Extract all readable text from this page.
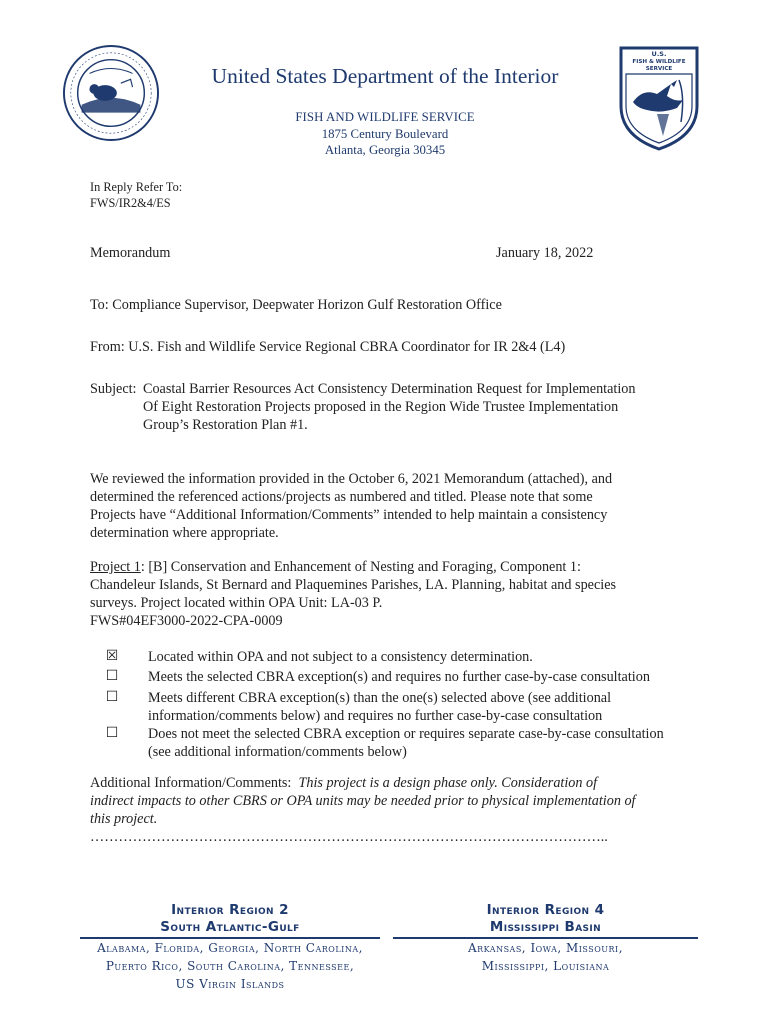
U.S.
FISH & WILDLIFE
SERVICE
United States Department of the Interior
FISH AND WILDLIFE SERVICE
1875 Century Boulevard
Atlanta, Georgia 30345
In Reply Refer To:
FWS/IR2&4/ES
Memorandum	January 18, 2022
To: Compliance Supervisor, Deepwater Horizon Gulf Restoration Office
From: U.S. Fish and Wildlife Service Regional CBRA Coordinator for IR 2&4 (L4)
Subject: Coastal Barrier Resources Act Consistency Determination Request for Implementation
Of Eight Restoration Projects proposed in the Region Wide Trustee Implementation
Group’s Restoration Plan #1.
We reviewed the information provided in the October 6, 2021 Memorandum (attached), and
determined the referenced actions/projects as numbered and titled. Please note that some
Projects have “Additional Information/Comments” intended to help maintain a consistency
determination where appropriate.
Project 1: [B] Conservation and Enhancement of Nesting and Foraging, Component 1:
Chandeleur Islands, St Bernard and Plaquemines Parishes, LA. Planning, habitat and species
surveys. Project located within OPA Unit: LA-03 P.
FWS#04EF3000-2022-CPA-0009
☒ Located within OPA and not subject to a consistency determination.
☐ Meets the selected CBRA exception(s) and requires no further case-by-case consultation
☐ Meets different CBRA exception(s) than the one(s) selected above (see additional
information/comments below) and requires no further case-by-case consultation
☐ Does not meet the selected CBRA exception or requires separate case-by-case consultation
(see additional information/comments below)
Additional Information/Comments: This project is a design phase only. Consideration of
indirect impacts to other CBRS or OPA units may be needed prior to physical implementation of
this project.
………………………………………………………………………………………………..
Interior Region 2
South Atlantic-Gulf
Alabama, Florida, Georgia, North Carolina,
Puerto Rico, South Carolina, Tennessee,
US Virgin Islands
Interior Region 4
Mississippi Basin
Arkansas, Iowa, Missouri,
Mississippi, Louisiana
